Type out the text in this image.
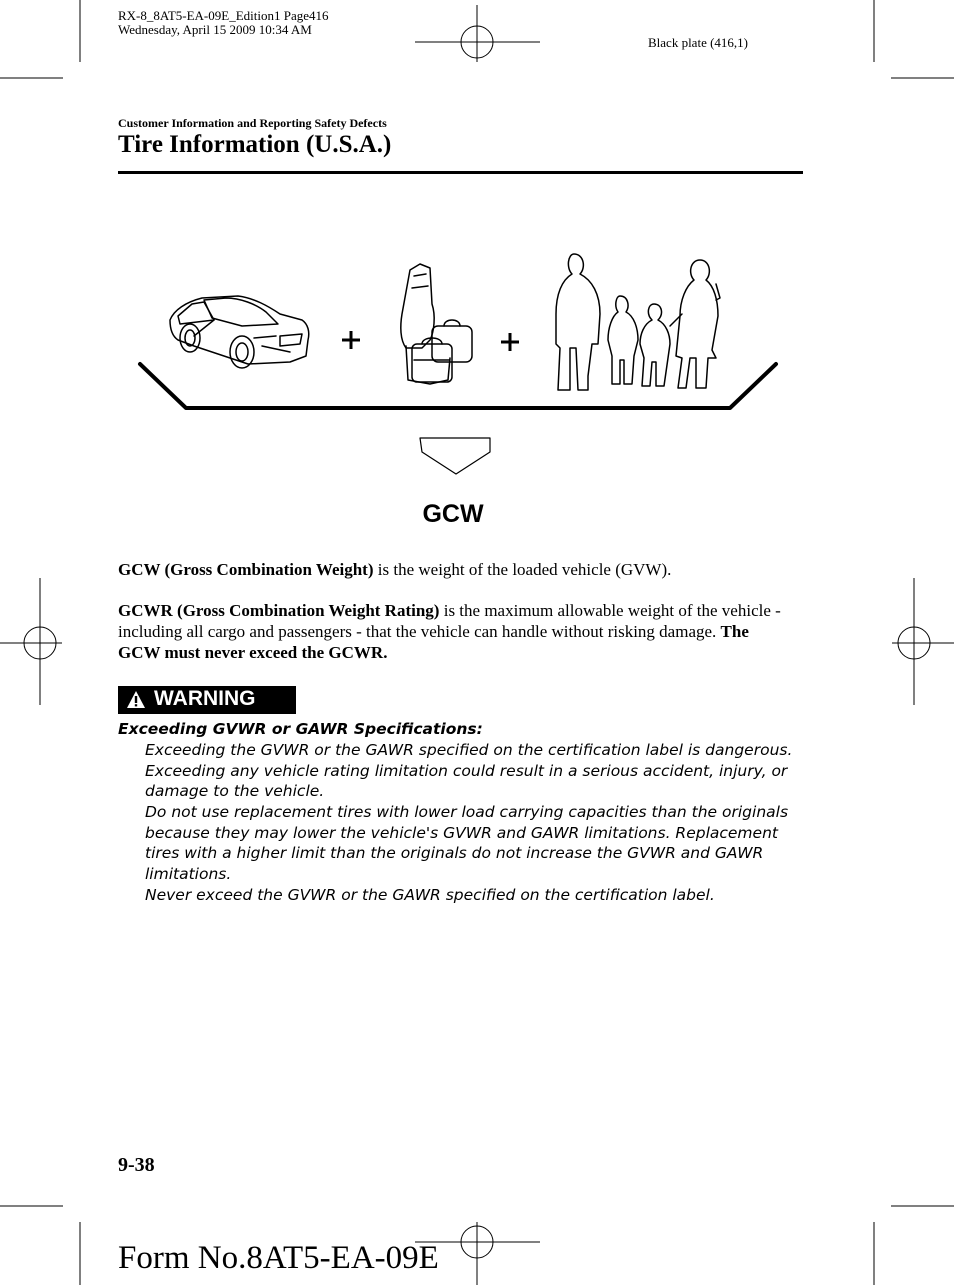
RX-8_8AT5-EA-09E_Edition1 Page416
Wednesday, April 15 2009 10:34 AM
Black plate (416,1)
Customer Information and Reporting Safety Defects
Tire Information (U.S.A.)
+
GCW
GCW (Gross Combination Weight) is the weight of the loaded vehicle (GVW).
GCWR (Gross Combination Weight Rating) is the maximum allowable weight of the vehicle - including all cargo and passengers - that the vehicle can handle without risking damage. The GCW must never exceed the GCWR.
WARNING
Exceeding GVWR or GAWR Specifications:
Exceeding the GVWR or the GAWR specified on the certification label is dangerous. Exceeding any vehicle rating limitation could result in a serious accident, injury, or damage to the vehicle.
Do not use replacement tires with lower load carrying capacities than the originals because they may lower the vehicle's GVWR and GAWR limitations. Replacement tires with a higher limit than the originals do not increase the GVWR and GAWR limitations.
Never exceed the GVWR or the GAWR specified on the certification label.
9-38
Form No.8AT5-EA-09E
